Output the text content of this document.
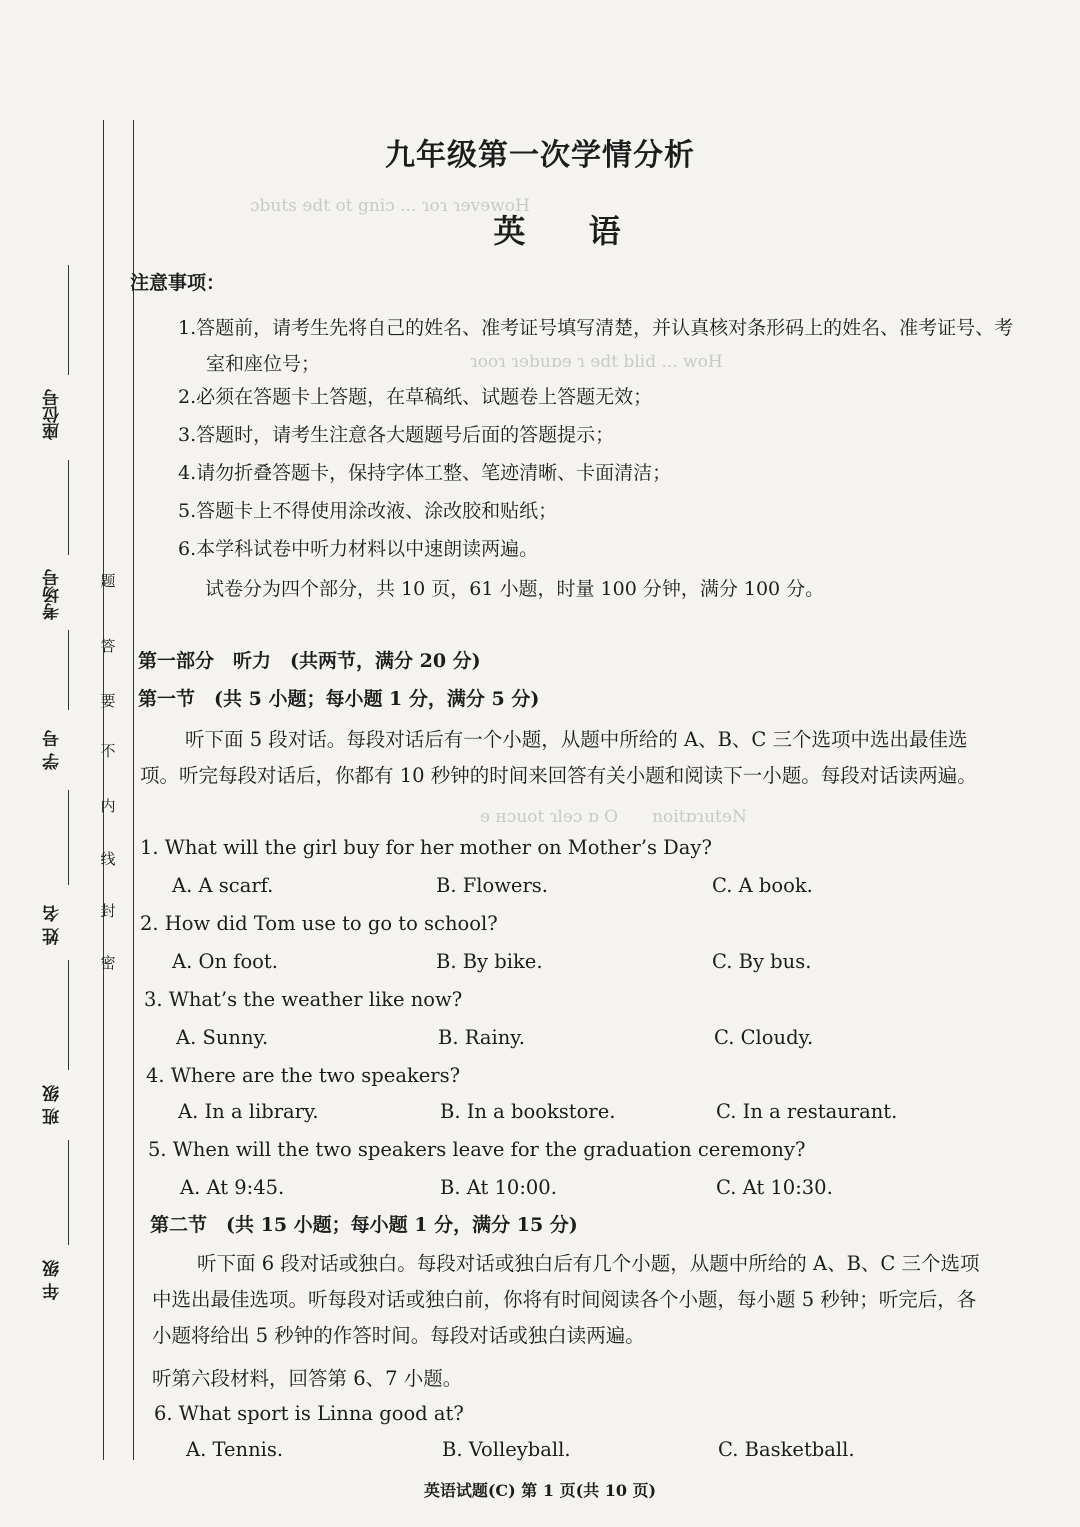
ɔbuts ɘdt ot gniɔ ... ɿoɿ ɿɘvɘwoH
ɿooɿ ɿɘbuɒɘ ɿ ɘdt blid ... woH
ɘ ʜɔuot ɿlɘɔ ɒ O　　noitɒɿutɘN
座位号
考场号
学 号
姓 名
班 级
年 级
题
答
要
不
内
线
封
密
九年级第一次学情分析
英 语
注意事项：
1.答题前，请考生先将自己的姓名、准考证号填写清楚，并认真核对条形码上的姓名、准考证号、考室和座位号；
2.必须在答题卡上答题，在草稿纸、试题卷上答题无效；
3.答题时，请考生注意各大题题号后面的答题提示；
4.请勿折叠答题卡，保持字体工整、笔迹清晰、卡面清洁；
5.答题卡上不得使用涂改液、涂改胶和贴纸；
6.本学科试卷中听力材料以中速朗读两遍。
试卷分为四个部分，共 10 页，61 小题，时量 100 分钟，满分 100 分。
第一部分　听力　(共两节，满分 20 分)
第一节　(共 5 小题；每小题 1 分，满分 5 分)
听下面 5 段对话。每段对话后有一个小题，从题中所给的 A、B、C 三个选项中选出最佳选项。听完每段对话后，你都有 10 秒钟的时间来回答有关小题和阅读下一小题。每段对话读两遍。
1. What will the girl buy for her mother on Mother’s Day?
A. A scarf.	B. Flowers.	C. A book.
2. How did Tom use to go to school?
A. On foot.	B. By bike.	C. By bus.
3. What’s the weather like now?
A. Sunny.	B. Rainy.	C. Cloudy.
4. Where are the two speakers?
A. In a library.	B. In a bookstore.	C. In a restaurant.
5. When will the two speakers leave for the graduation ceremony?
A. At 9:45.	B. At 10:00.	C. At 10:30.
第二节　(共 15 小题；每小题 1 分，满分 15 分)
听下面 6 段对话或独白。每段对话或独白后有几个小题，从题中所给的 A、B、C 三个选项中选出最佳选项。听每段对话或独白前，你将有时间阅读各个小题，每小题 5 秒钟；听完后，各小题将给出 5 秒钟的作答时间。每段对话或独白读两遍。
听第六段材料，回答第 6、7 小题。
6. What sport is Linna good at?
A. Tennis.	B. Volleyball.	C. Basketball.
英语试题(C) 第 1 页(共 10 页)
